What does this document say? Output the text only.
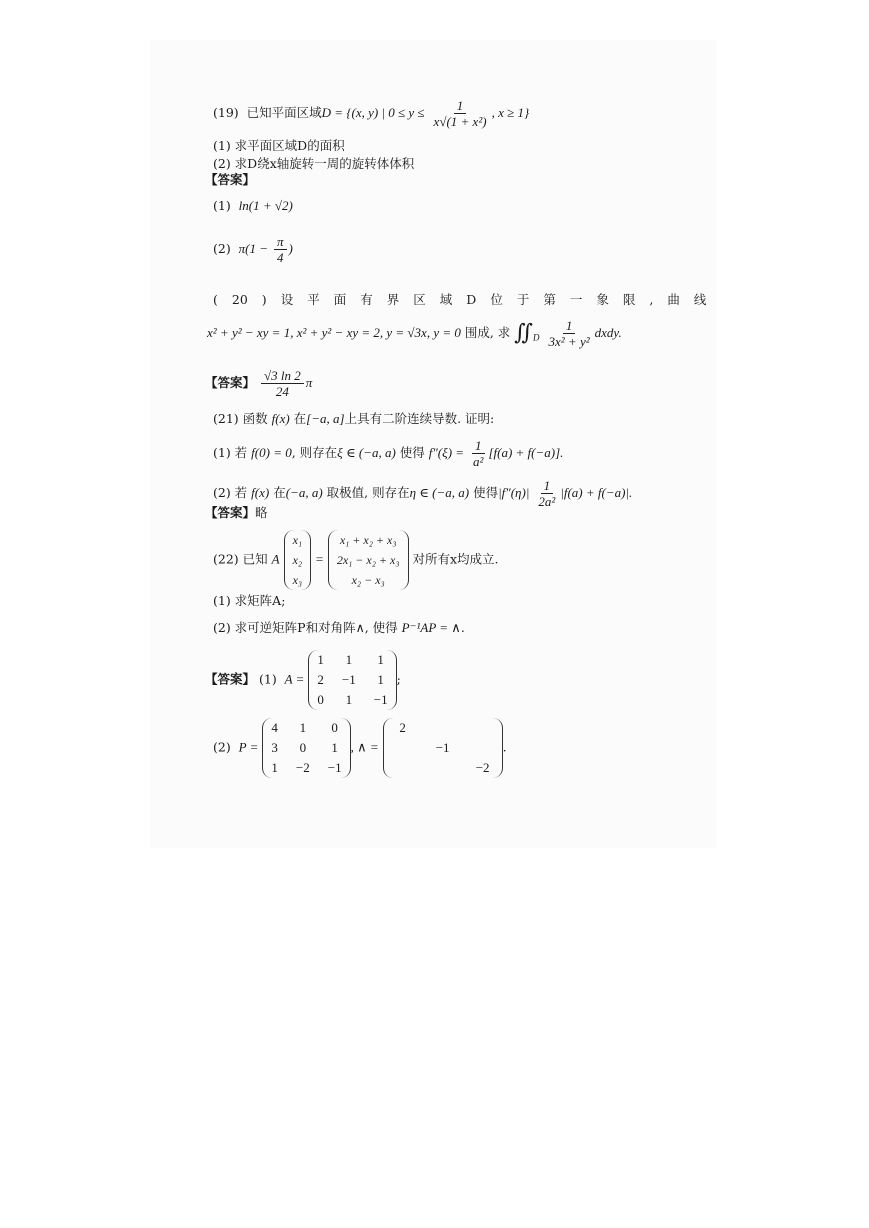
(19) 已知平面区域D = {(x, y) | $0 \le y \le \frac{1}{\text{x√(1 + x²)}}$ , x ≥ 1}
(1) 求平面区域D的面积
(2) 求D绕x轴旋转一周的旋转体体积
【答案】
(1) ln(1 + √2)
(2) $\pi(1 - \frac{\pi}{4}$ )
( 20 ) 设 平 面 有 界 区 域 D 位 于 第 一 象 限 , 曲 线
x² + y² − xy = 1, x² + y² − xy = 2, y = √3x, y = 0 围成, 求 $∬_D \frac{1}{\text{3x² + y²}}$ dxdy.
【答案】 $\frac{√3 \ln 2}{24}$ π
(21) 函数 f(x) 在[−a, a]上具有二阶连续导数. 证明:
(1) 若 f(0) = 0, 则存在ξ ∈ (−a, a) 使得 $f''(\xi) = \frac{1}{\text{a²}} [f(a) + f(-a)]$.
(2) 若 f(x) 在(−a, a) 取极值, 则存在η ∈ (−a, a) 使得$|f''(\eta)| \frac{1}{\text{2a²}} |f(a) + f(-a)|$.
【答案】略
(22) 已知 A
x₁
x₂
x₃
=
x₁ + x₂ + x₃
2x₁ − x₂ + x₃
x₂ − x₃
对所有x均成立.
(1) 求矩阵A;
(2) 求可逆矩阵P和对角阵∧, 使得 P⁻¹AP = ∧.
【答案】 (1) A =
1 1 1
2 −1 1
0 1 −1
;
(2) P =
4 1 0
3 0 1
1 −2 −1
, ∧ =
2

−1

−2
.
